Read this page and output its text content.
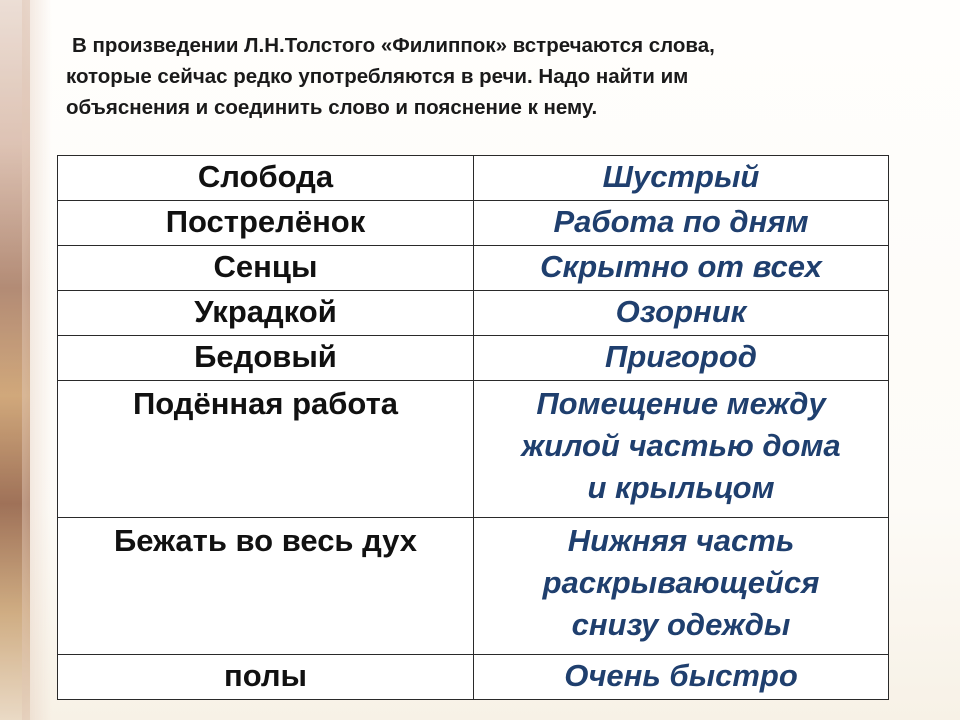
В произведении Л.Н.Толстого «Филиппок» встречаются слова,
которые сейчас редко употребляются в речи. Надо найти им
объяснения и соединить слово и пояснение к нему.
Слобода	Шустрый

Пострелёнок	Работа по дням

Сенцы	Скрытно от всех

Украдкой	Озорник

Бедовый	Пригород

Подённая работа	Помещение между
жилой частью дома
и крыльцом

Бежать во весь дух	Нижняя часть
раскрывающейся
снизу одежды

полы	Очень быстро
